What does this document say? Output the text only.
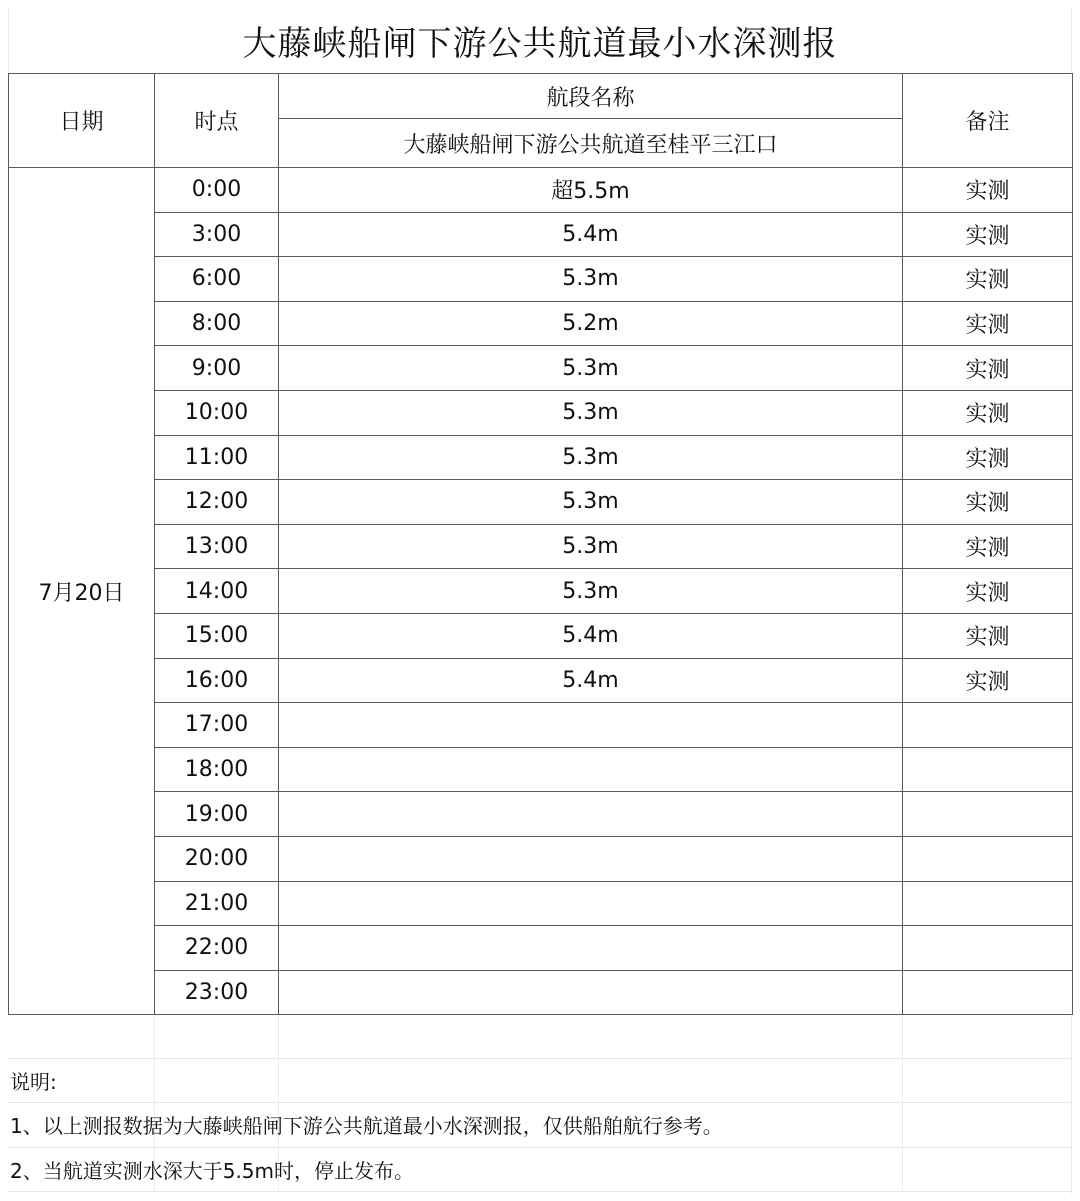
大藤峡船闸下游公共航道最小水深测报
日期	时点	航段名称	备注
		大藤峡船闸下游公共航道至桂平三江口	
7月20日	0:00	超5.5m	实测
	3:00	5.4m	实测
	6:00	5.3m	实测
	8:00	5.2m	实测
	9:00	5.3m	实测
	10:00	5.3m	实测
	11:00	5.3m	实测
	12:00	5.3m	实测
	13:00	5.3m	实测
	14:00	5.3m	实测
	15:00	5.4m	实测
	16:00	5.4m	实测
	17:00		
	18:00		
	19:00		
	20:00		
	21:00		
	22:00		
	23:00		
说明:
1、以上测报数据为大藤峡船闸下游公共航道最小水深测报，仅供船舶航行参考。
2、当航道实测水深大于5.5m时，停止发布。
